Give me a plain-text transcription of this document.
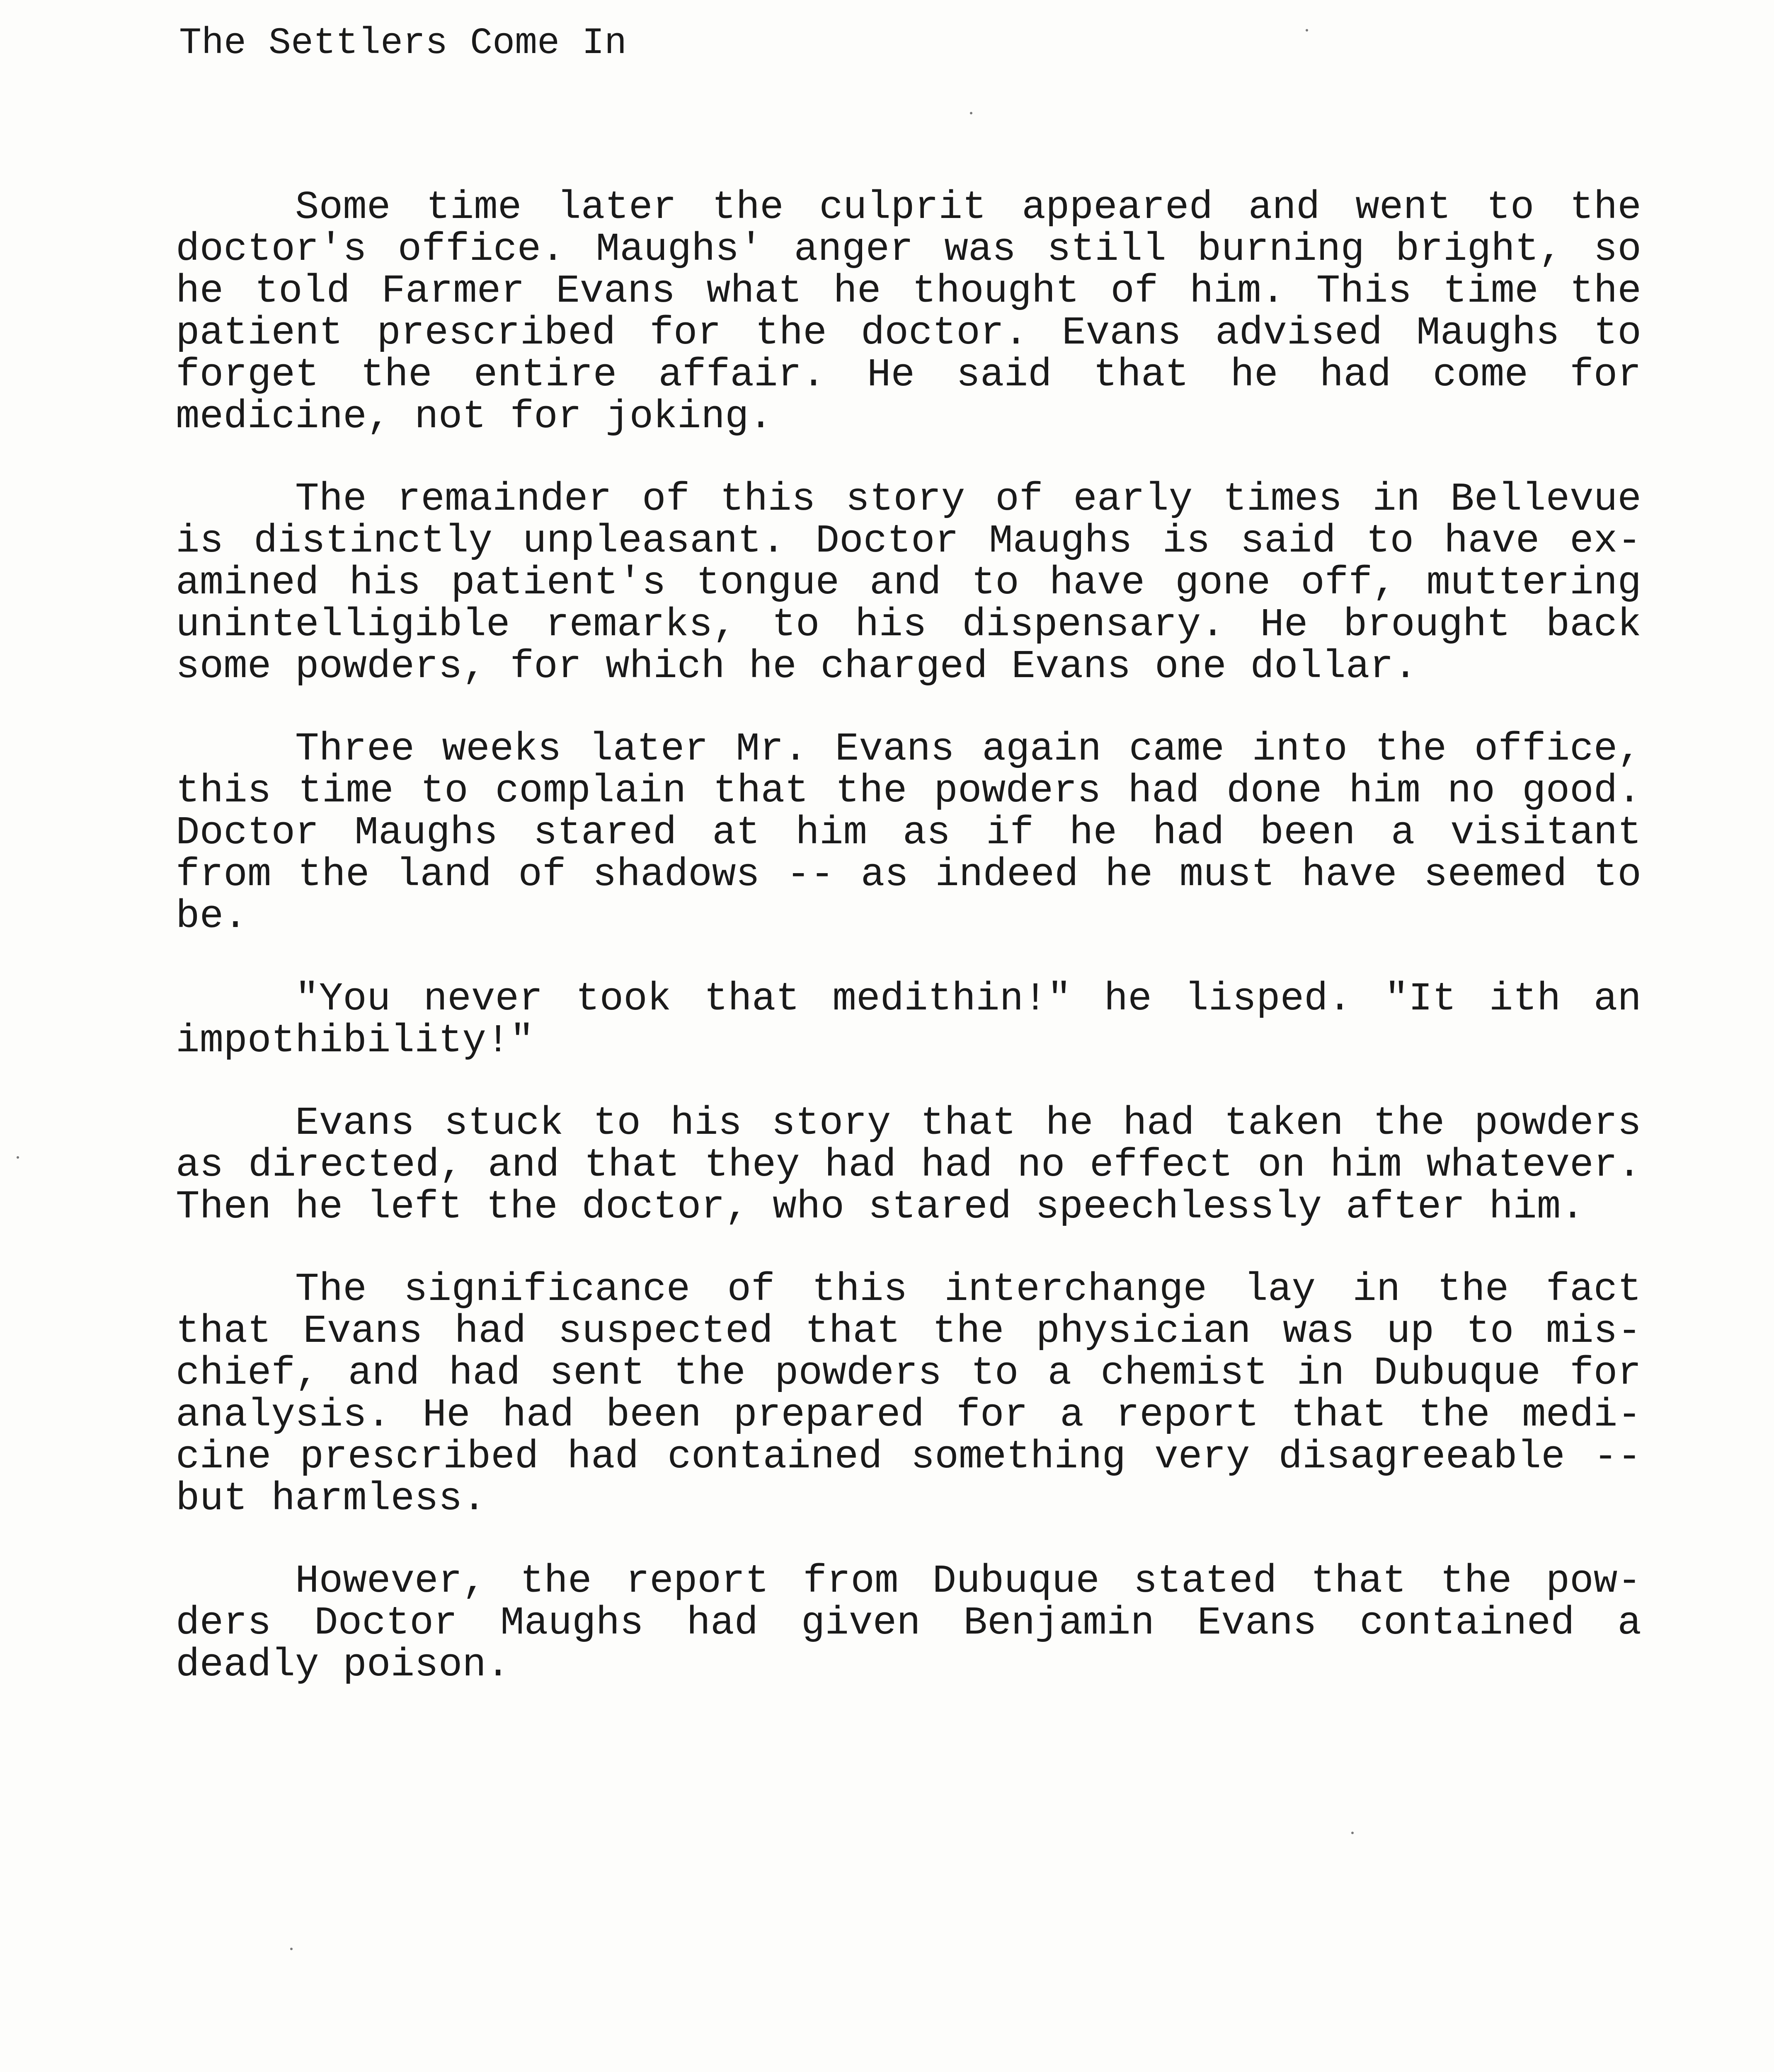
The Settlers Come In

Some time later the culprit appeared and went to the
doctor's office. Maughs' anger was still burning bright, so
he told Farmer Evans what he thought of him. This time the
patient prescribed for the doctor. Evans advised Maughs to
forget the entire affair. He said that he had come for
medicine, not for joking.

The remainder of this story of early times in Bellevue
is distinctly unpleasant. Doctor Maughs is said to have ex-
amined his patient's tongue and to have gone off, muttering
unintelligible remarks, to his dispensary. He brought back
some powders, for which he charged Evans one dollar.

Three weeks later Mr. Evans again came into the office,
this time to complain that the powders had done him no good.
Doctor Maughs stared at him as if he had been a visitant
from the land of shadows -- as indeed he must have seemed to
be.

"You never took that medithin!" he lisped. "It ith an
impothibility!"

Evans stuck to his story that he had taken the powders
as directed, and that they had had no effect on him whatever.
Then he left the doctor, who stared speechlessly after him.

The significance of this interchange lay in the fact
that Evans had suspected that the physician was up to mis-
chief, and had sent the powders to a chemist in Dubuque for
analysis. He had been prepared for a report that the medi-
cine prescribed had contained something very disagreeable --
but harmless.

However, the report from Dubuque stated that the pow-
ders Doctor Maughs had given Benjamin Evans contained a
deadly poison.
